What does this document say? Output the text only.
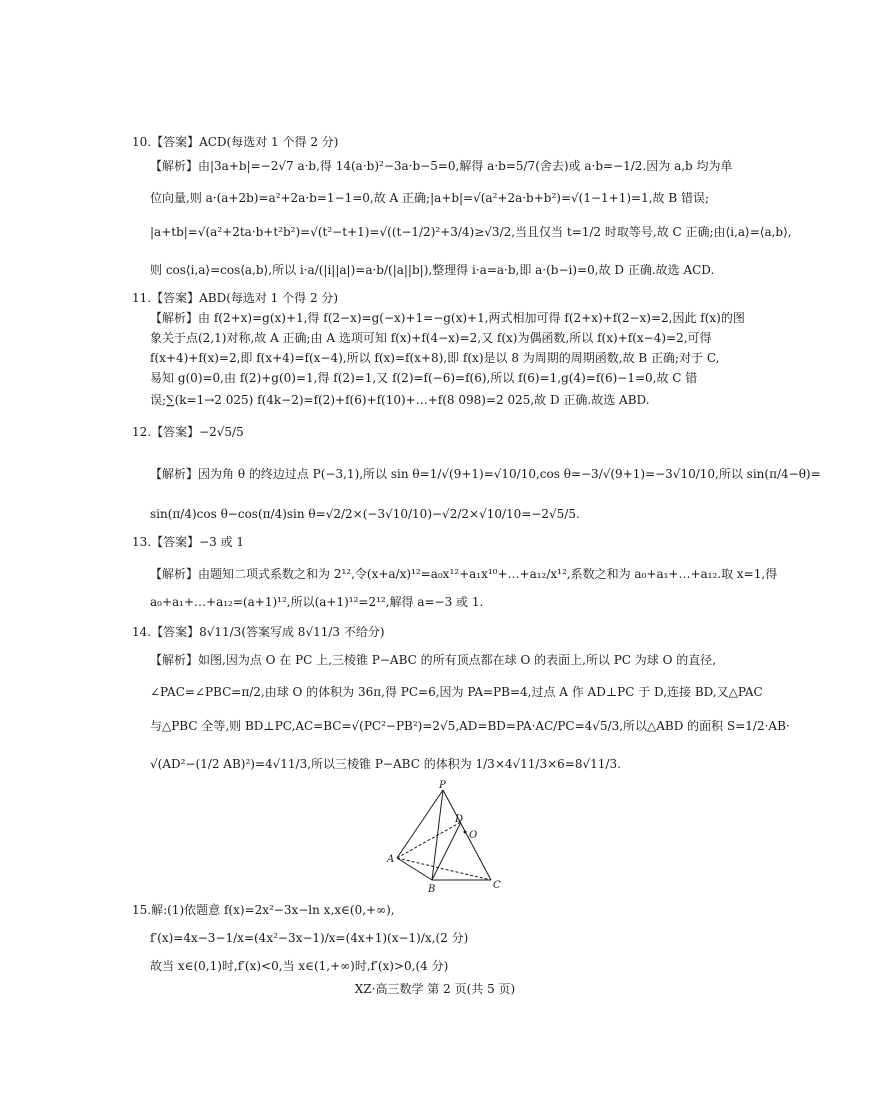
10.【答案】ACD(每选对 1 个得 2 分)
【解析】由|3a+b|=−2√7 a·b,得 14(a·b)²−3a·b−5=0,解得 a·b=5/7(舍去)或 a·b=−1/2.因为 a,b 均为单
位向量,则 a·(a+2b)=a²+2a·b=1−1=0,故 A 正确;|a+b|=√(a²+2a·b+b²)=√(1−1+1)=1,故 B 错误;
|a+tb|=√(a²+2ta·b+t²b²)=√(t²−t+1)=√((t−1/2)²+3/4)≥√3/2,当且仅当 t=1/2 时取等号,故 C 正确;由⟨i,a⟩=⟨a,b⟩,
则 cos⟨i,a⟩=cos⟨a,b⟩,所以 i·a/(|i||a|)=a·b/(|a||b|),整理得 i·a=a·b,即 a·(b−i)=0,故 D 正确.故选 ACD.
11.【答案】ABD(每选对 1 个得 2 分)
【解析】由 f(2+x)=g(x)+1,得 f(2−x)=g(−x)+1=−g(x)+1,两式相加可得 f(2+x)+f(2−x)=2,因此 f(x)的图
象关于点(2,1)对称,故 A 正确;由 A 选项可知 f(x)+f(4−x)=2,又 f(x)为偶函数,所以 f(x)+f(x−4)=2,可得
f(x+4)+f(x)=2,即 f(x+4)=f(x−4),所以 f(x)=f(x+8),即 f(x)是以 8 为周期的周期函数,故 B 正确;对于 C,
易知 g(0)=0,由 f(2)+g(0)=1,得 f(2)=1,又 f(2)=f(−6)=f(6),所以 f(6)=1,g(4)=f(6)−1=0,故 C 错
误;∑(k=1→2 025) f(4k−2)=f(2)+f(6)+f(10)+…+f(8 098)=2 025,故 D 正确.故选 ABD.
12.【答案】−2√5/5
【解析】因为角 θ 的终边过点 P(−3,1),所以 sin θ=1/√(9+1)=√10/10,cos θ=−3/√(9+1)=−3√10/10,所以 sin(π/4−θ)=
sin(π/4)cos θ−cos(π/4)sin θ=√2/2×(−3√10/10)−√2/2×√10/10=−2√5/5.
13.【答案】−3 或 1
【解析】由题知二项式系数之和为 2¹²,令(x+a/x)¹²=a₀x¹²+a₁x¹⁰+…+a₁₂/x¹²,系数之和为 a₀+a₁+…+a₁₂.取 x=1,得
a₀+a₁+…+a₁₂=(a+1)¹²,所以(a+1)¹²=2¹²,解得 a=−3 或 1.
14.【答案】8√11/3(答案写成 8√11/3 不给分)
【解析】如图,因为点 O 在 PC 上,三棱锥 P−ABC 的所有顶点都在球 O 的表面上,所以 PC 为球 O 的直径,
∠PAC=∠PBC=π/2,由球 O 的体积为 36π,得 PC=6,因为 PA=PB=4,过点 A 作 AD⊥PC 于 D,连接 BD,又△PAC
与△PBC 全等,则 BD⊥PC,AC=BC=√(PC²−PB²)=2√5,AD=BD=PA·AC/PC=4√5/3,所以△ABD 的面积 S=1/2·AB·
√(AD²−(1/2 AB)²)=4√11/3,所以三棱锥 P−ABC 的体积为 1/3×4√11/3×6=8√11/3.
15.解:(1)依题意 f(x)=2x²−3x−ln x,x∈(0,+∞),
f′(x)=4x−3−1/x=(4x²−3x−1)/x=(4x+1)(x−1)/x,(2 分)
故当 x∈(0,1)时,f′(x)<0,当 x∈(1,+∞)时,f′(x)>0,(4 分)
P
D
O
A
B	C
XZ·高三数学 第 2 页(共 5 页)
